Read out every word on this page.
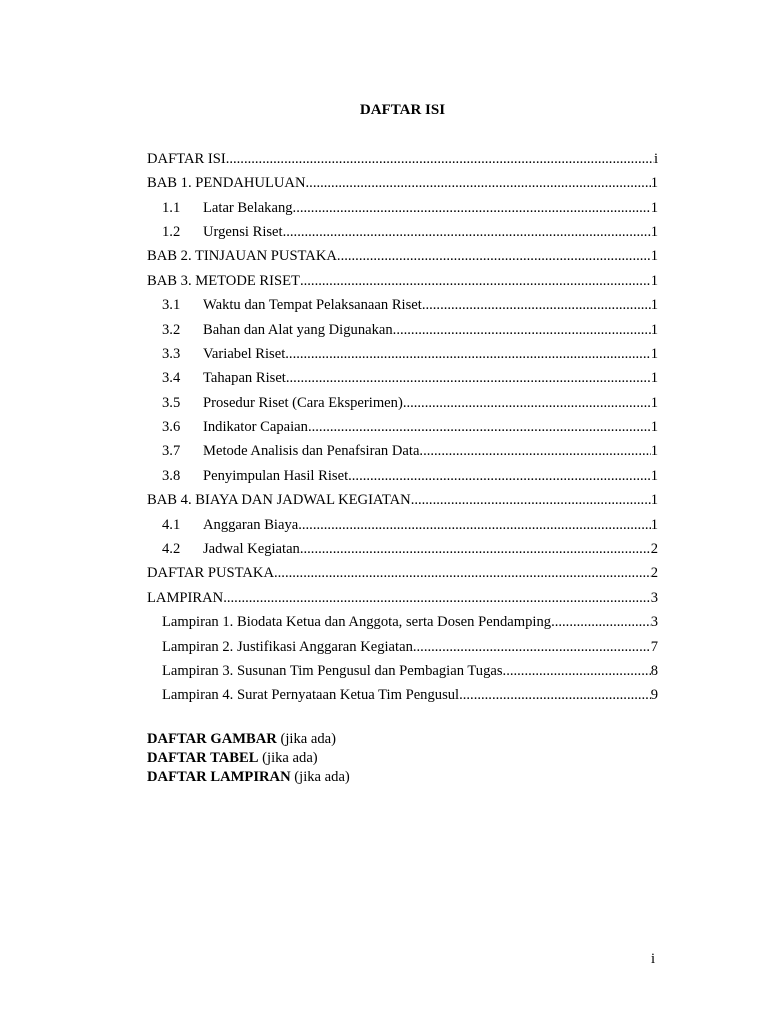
DAFTAR ISI
DAFTAR ISI .....	i
BAB 1. PENDAHULUAN .....	1
1.1	Latar Belakang .....	1
1.2	Urgensi Riset .....	1
BAB 2. TINJAUAN PUSTAKA .....	1
BAB 3. METODE RISET .....	1
3.1	Waktu dan Tempat Pelaksanaan Riset .....	1
3.2	Bahan dan Alat yang Digunakan .....	1
3.3	Variabel Riset .....	1
3.4	Tahapan Riset .....	1
3.5	Prosedur Riset (Cara Eksperimen) .....	1
3.6	Indikator Capaian .....	1
3.7	Metode Analisis dan Penafsiran Data .....	1
3.8	Penyimpulan Hasil Riset .....	1
BAB 4. BIAYA DAN JADWAL KEGIATAN .....	1
4.1	Anggaran Biaya .....	1
4.2	Jadwal Kegiatan .....	2
DAFTAR PUSTAKA .....	2
LAMPIRAN .....	3
Lampiran 1. Biodata Ketua dan Anggota, serta Dosen Pendamping .....	3
Lampiran 2. Justifikasi Anggaran Kegiatan .....	7
Lampiran 3. Susunan Tim Pengusul dan Pembagian Tugas .....	8
Lampiran 4. Surat Pernyataan Ketua Tim Pengusul .....	9
DAFTAR GAMBAR (jika ada)
DAFTAR TABEL (jika ada)
DAFTAR LAMPIRAN (jika ada)
i
